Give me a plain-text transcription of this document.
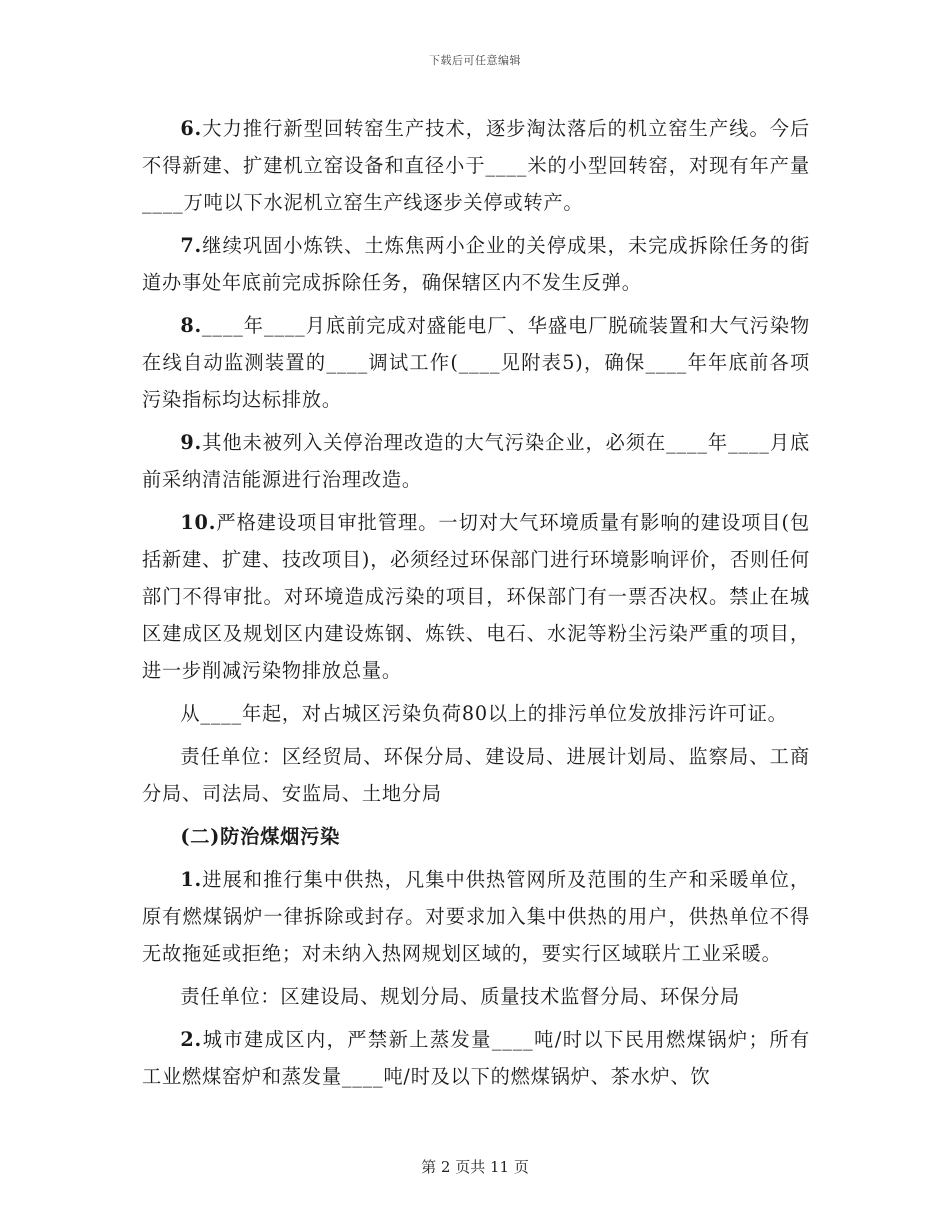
下载后可任意编辑

6.大力推行新型回转窑生产技术，逐步淘汰落后的机立窑生产线。今后不得新建、扩建机立窑设备和直径小于____米的小型回转窑，对现有年产量____万吨以下水泥机立窑生产线逐步关停或转产。

7.继续巩固小炼铁、土炼焦两小企业的关停成果，未完成拆除任务的街道办事处年底前完成拆除任务，确保辖区内不发生反弹。

8.____年____月底前完成对盛能电厂、华盛电厂脱硫装置和大气污染物在线自动监测装置的____调试工作(____见附表5)，确保____年年底前各项污染指标均达标排放。

9.其他未被列入关停治理改造的大气污染企业，必须在____年____月底前采纳清洁能源进行治理改造。

10.严格建设项目审批管理。一切对大气环境质量有影响的建设项目(包括新建、扩建、技改项目)，必须经过环保部门进行环境影响评价，否则任何部门不得审批。对环境造成污染的项目，环保部门有一票否决权。禁止在城区建成区及规划区内建设炼钢、炼铁、电石、水泥等粉尘污染严重的项目，进一步削减污染物排放总量。

从____年起，对占城区污染负荷80以上的排污单位发放排污许可证。

责任单位：区经贸局、环保分局、建设局、进展计划局、监察局、工商分局、司法局、安监局、土地分局

(二)防治煤烟污染

1.进展和推行集中供热，凡集中供热管网所及范围的生产和采暖单位，原有燃煤锅炉一律拆除或封存。对要求加入集中供热的用户，供热单位不得无故拖延或拒绝；对未纳入热网规划区域的，要实行区域联片工业采暖。

责任单位：区建设局、规划分局、质量技术监督分局、环保分局

2.城市建成区内，严禁新上蒸发量____吨/时以下民用燃煤锅炉；所有工业燃煤窑炉和蒸发量____吨/时及以下的燃煤锅炉、茶水炉、饮

第 2 页共 11 页
